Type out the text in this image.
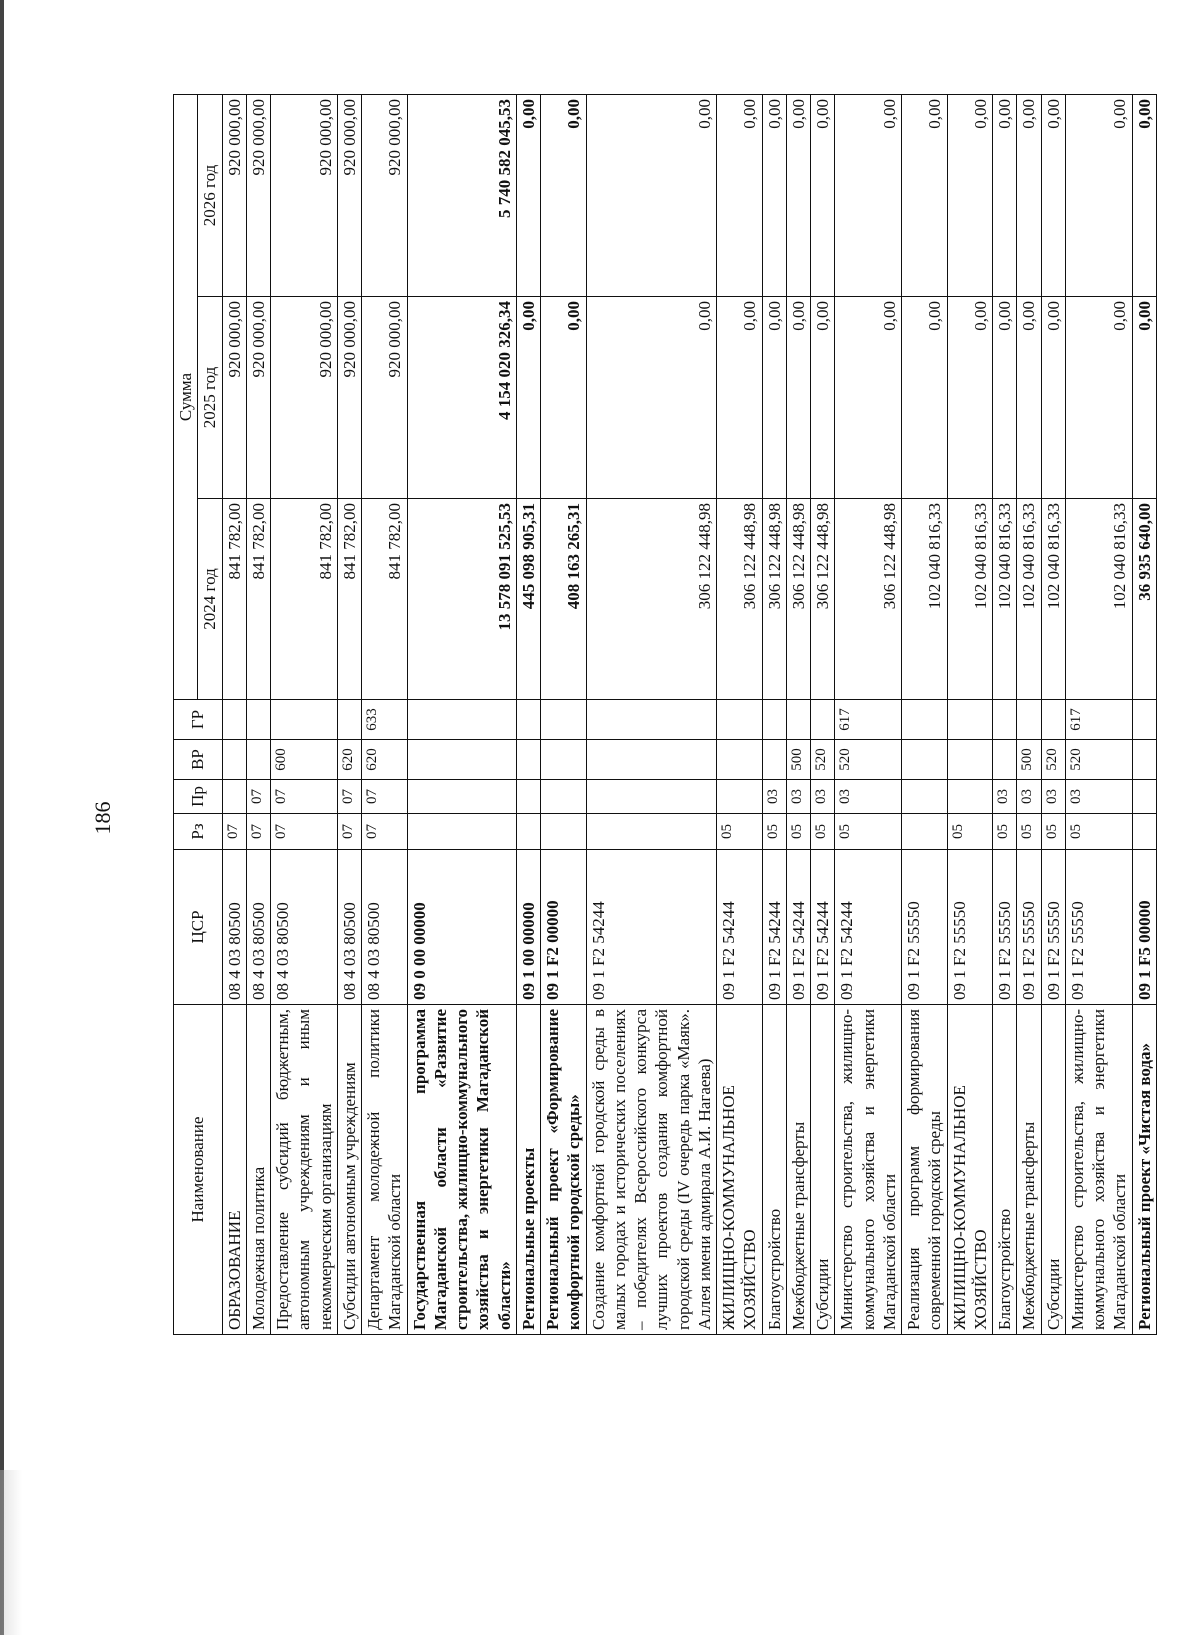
186
Наименование	ЦСР	Рз	Пр	ВР	ГР	Сумма		
						2024 год	2025 год	2026 год
ОБРАЗОВАНИЕ	08 4 03 80500	07				841 782,00	920 000,00	920 000,00
Молодежная политика	08 4 03 80500	07	07			841 782,00	920 000,00	920 000,00
Предоставление субсидий бюджетным, автономным учреждениям и иным некоммерческим организациям	08 4 03 80500	07	07	600		841 782,00	920 000,00	920 000,00
Субсидии автономным учреждениям	08 4 03 80500	07	07	620		841 782,00	920 000,00	920 000,00
Департамент молодежной политики Магаданской области	08 4 03 80500	07	07	620	633	841 782,00	920 000,00	920 000,00
Государственная программа Магаданской области «Развитие строительства, жилищно-коммунального хозяйства и энергетики Магаданской области»	09 0 00 00000					13 578 091 525,53	4 154 020 326,34	5 740 582 045,53
Региональные проекты	09 1 00 00000					445 098 905,31	0,00	0,00
Региональный проект «Формирование комфортной городской среды»	09 1 F2 00000					408 163 265,31	0,00	0,00
Создание комфортной городской среды в малых городах и исторических поселениях – победителях Всероссийского конкурса лучших проектов создания комфортной городской среды (IV очередь парка «Маяк». Аллея имени адмирала А.И. Нагаева)	09 1 F2 54244					306 122 448,98	0,00	0,00
ЖИЛИЩНО-КОММУНАЛЬНОЕ ХОЗЯЙСТВО	09 1 F2 54244	05				306 122 448,98	0,00	0,00
Благоустройство	09 1 F2 54244	05	03			306 122 448,98	0,00	0,00
Межбюджетные трансферты	09 1 F2 54244	05	03	500		306 122 448,98	0,00	0,00
Субсидии	09 1 F2 54244	05	03	520		306 122 448,98	0,00	0,00
Министерство строительства, жилищно-коммунального хозяйства и энергетики Магаданской области	09 1 F2 54244	05	03	520	617	306 122 448,98	0,00	0,00
Реализация программ формирования современной городской среды	09 1 F2 55550					102 040 816,33	0,00	0,00
ЖИЛИЩНО-КОММУНАЛЬНОЕ ХОЗЯЙСТВО	09 1 F2 55550	05				102 040 816,33	0,00	0,00
Благоустройство	09 1 F2 55550	05	03			102 040 816,33	0,00	0,00
Межбюджетные трансферты	09 1 F2 55550	05	03	500		102 040 816,33	0,00	0,00
Субсидии	09 1 F2 55550	05	03	520		102 040 816,33	0,00	0,00
Министерство строительства, жилищно-коммунального хозяйства и энергетики Магаданской области	09 1 F2 55550	05	03	520	617	102 040 816,33	0,00	0,00
Региональный проект «Чистая вода»	09 1 F5 00000					36 935 640,00	0,00	0,00
